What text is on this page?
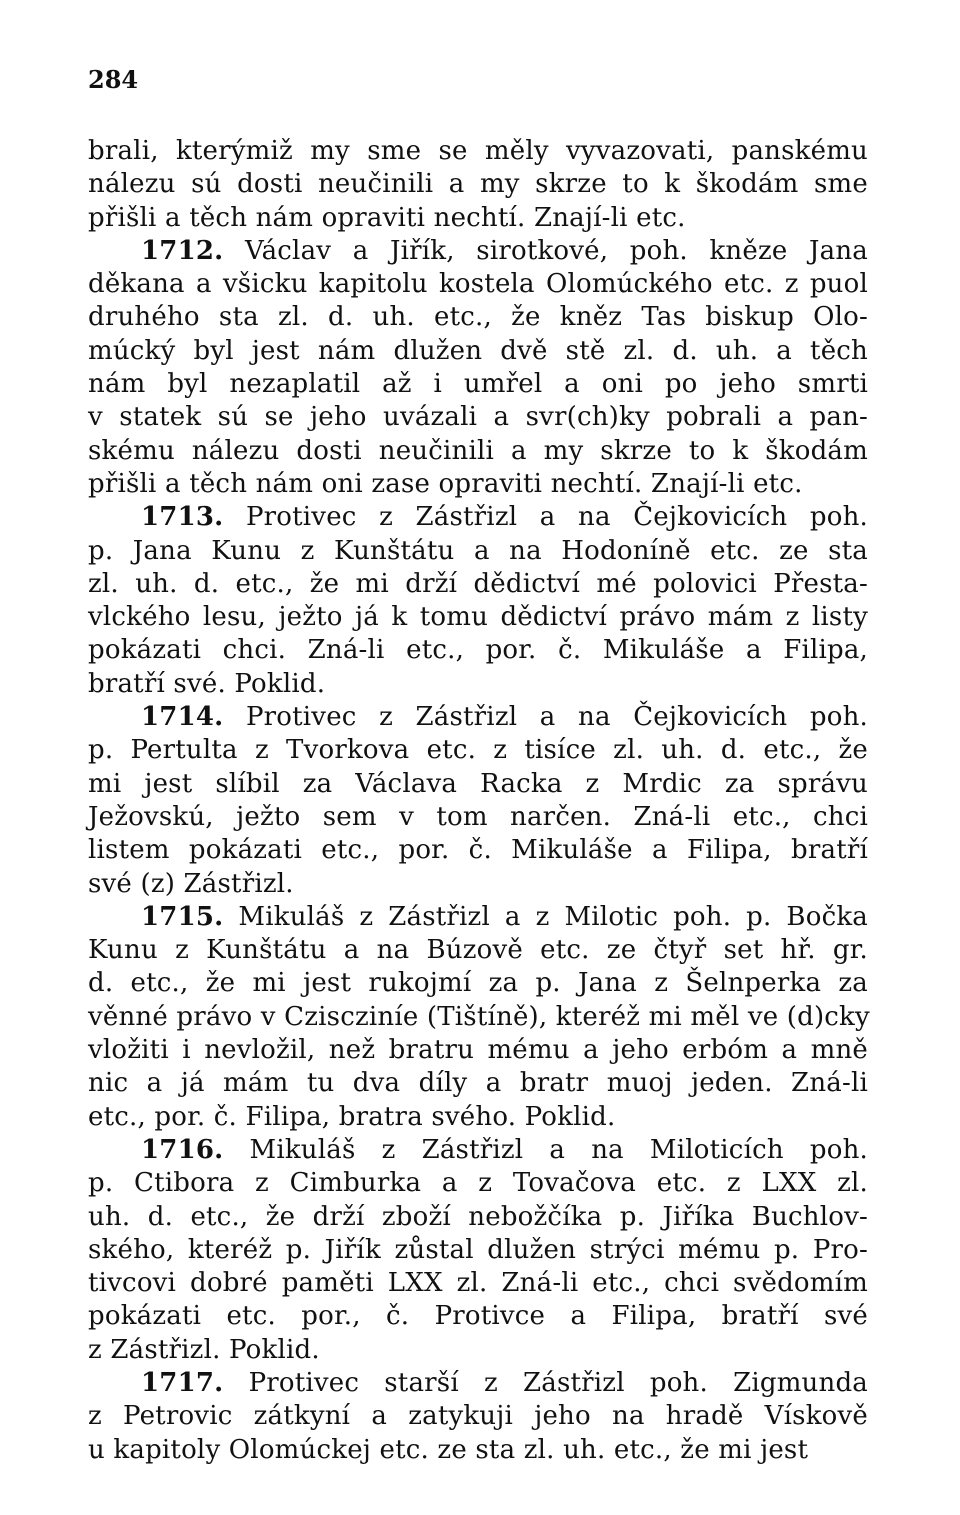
284
brali, kterýmiž my sme se měly vyvazovati, panskému
nálezu sú dosti neučinili a my skrze to k škodám sme
přišli a těch nám opraviti nechtí. Znají-li etc.
1712. Václav a Jiřík, sirotkové, poh. kněze Jana
děkana a všicku kapitolu kostela Olomúckého etc. z puol
druhého sta zl. d. uh. etc., že kněz Tas biskup Olo-
múcký byl jest nám dlužen dvě stě zl. d. uh. a těch
nám byl nezaplatil až i umřel a oni po jeho smrti
v statek sú se jeho uvázali a svr(ch)ky pobrali a pan-
skému nálezu dosti neučinili a my skrze to k škodám
přišli a těch nám oni zase opraviti nechtí. Znají-li etc.
1713. Protivec z Zástřizl a na Čejkovicích poh.
p. Jana Kunu z Kunštátu a na Hodoníně etc. ze sta
zl. uh. d. etc., že mi drží dědictví mé polovici Přesta-
vlckého lesu, ježto já k tomu dědictví právo mám z listy
pokázati chci. Zná-li etc., por. č. Mikuláše a Filipa,
bratří své. Poklid.
1714. Protivec z Zástřizl a na Čejkovicích poh.
p. Pertulta z Tvorkova etc. z tisíce zl. uh. d. etc., že
mi jest slíbil za Václava Racka z Mrdic za správu
Ježovskú, ježto sem v tom narčen. Zná-li etc., chci
listem pokázati etc., por. č. Mikuláše a Filipa, bratří
své (z) Zástřizl.
1715. Mikuláš z Zástřizl a z Milotic poh. p. Bočka
Kunu z Kunštátu a na Búzově etc. ze čtyř set hř. gr.
d. etc., že mi jest rukojmí za p. Jana z Šelnperka za
věnné právo v Cziscziníe (Tištíně), kteréž mi měl ve (d)cky
vložiti i nevložil, než bratru mému a jeho erbóm a mně
nic a já mám tu dva díly a bratr muoj jeden. Zná-li
etc., por. č. Filipa, bratra svého. Poklid.
1716. Mikuláš z Zástřizl a na Miloticích poh.
p. Ctibora z Cimburka a z Tovačova etc. z LXX zl.
uh. d. etc., že drží zboží nebožčíka p. Jiříka Buchlov-
ského, kteréž p. Jiřík zůstal dlužen strýci mému p. Pro-
tivcovi dobré paměti LXX zl. Zná-li etc., chci svědomím
pokázati etc. por., č. Protivce a Filipa, bratří své
z Zástřizl. Poklid.
1717. Protivec starší z Zástřizl poh. Zigmunda
z Petrovic zátkyní a zatykuji jeho na hradě Vískově
u kapitoly Olomúckej etc. ze sta zl. uh. etc., že mi jest
